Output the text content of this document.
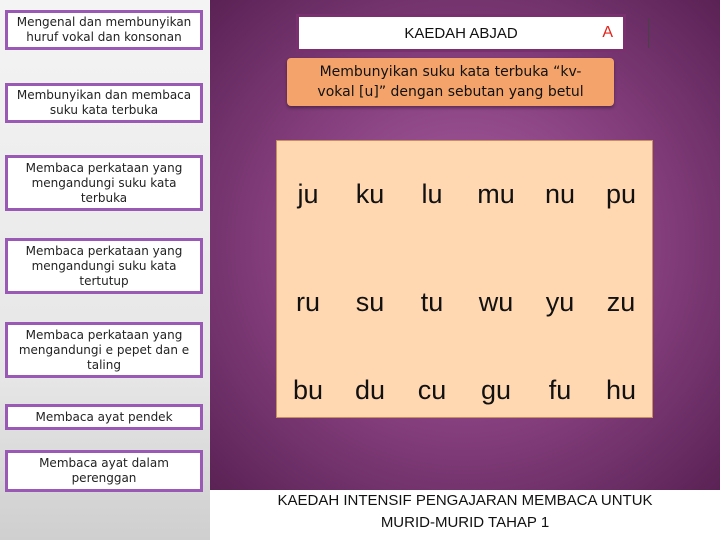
Mengenal dan membunyikan huruf vokal dan konsonan
Membunyikan dan membaca suku kata terbuka
Membaca perkataan yang mengandungi suku kata terbuka
Membaca perkataan yang mengandungi suku kata tertutup
Membaca perkataan yang mengandungi e pepet dan e taling
Membaca ayat pendek
Membaca ayat dalam perenggan
KAEDAH ABJAD	A
Membunyikan suku kata terbuka “kv-
vokal [u]” dengan sebutan yang betul
ju	ku	lu	mu	nu	pu
ru	su	tu	wu	yu	zu
bu	du	cu	gu	fu	hu
KAEDAH INTENSIF PENGAJARAN MEMBACA UNTUK
MURID-MURID TAHAP 1
